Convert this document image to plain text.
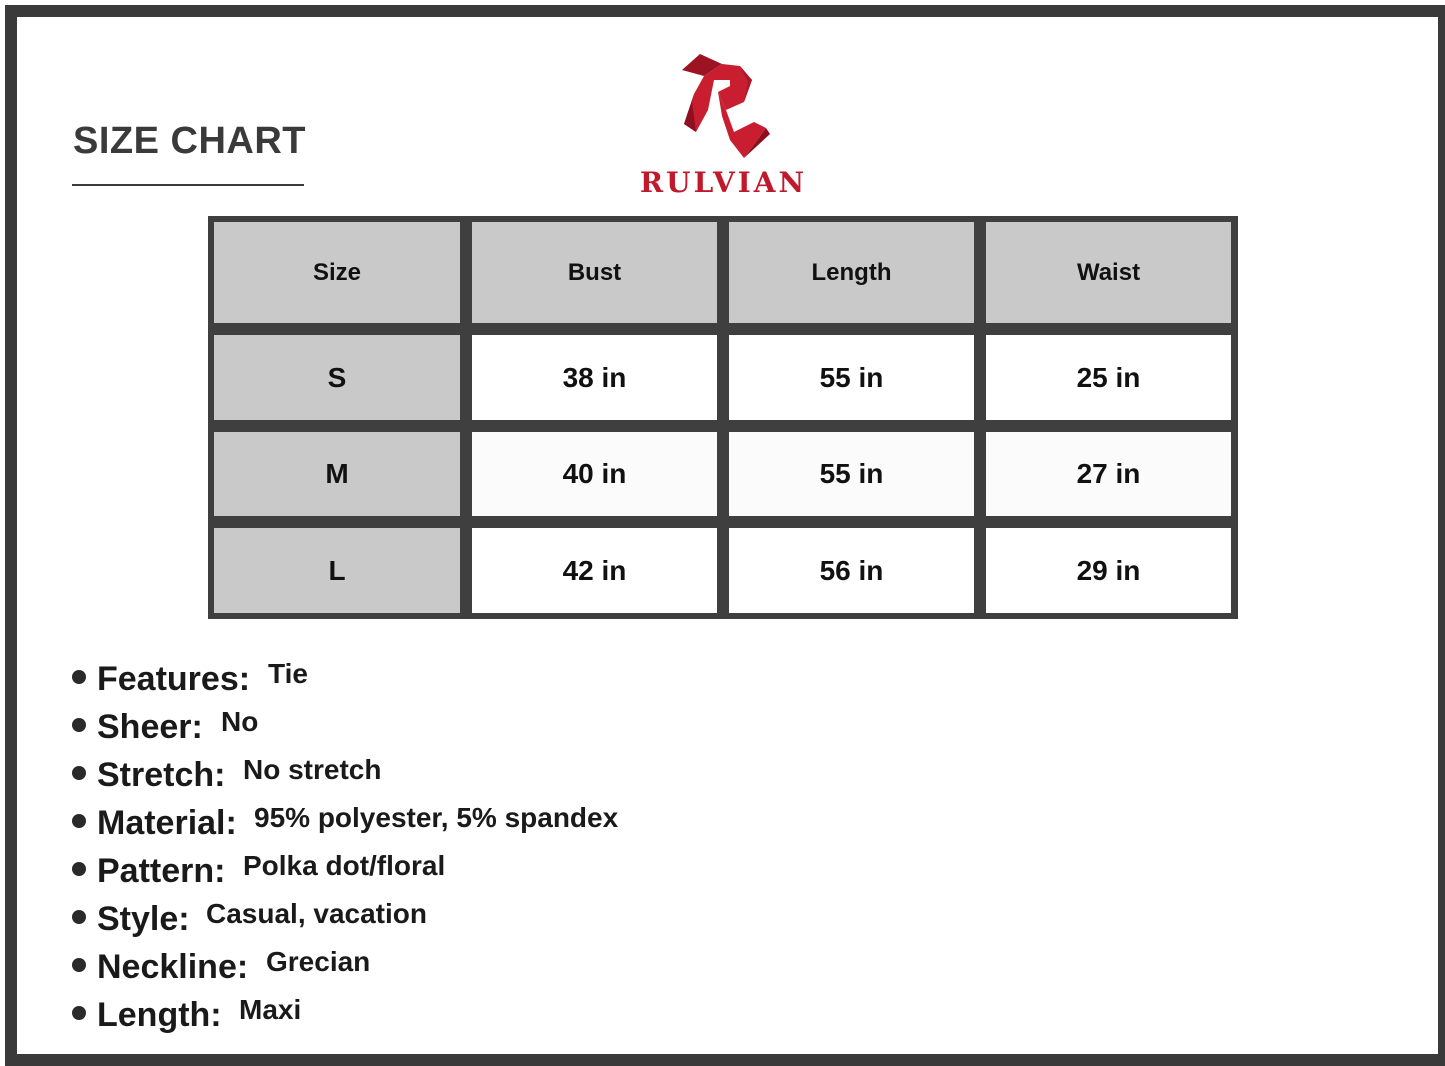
SIZE CHART
RULVIAN
Size	Bust	Length	Waist
S	38 in	55 in	25 in
M	40 in	55 in	27 in
L	42 in	56 in	29 in
Features: Tie
Sheer: No
Stretch: No stretch
Material: 95% polyester, 5% spandex
Pattern: Polka dot/floral
Style: Casual, vacation
Neckline: Grecian
Length: Maxi
